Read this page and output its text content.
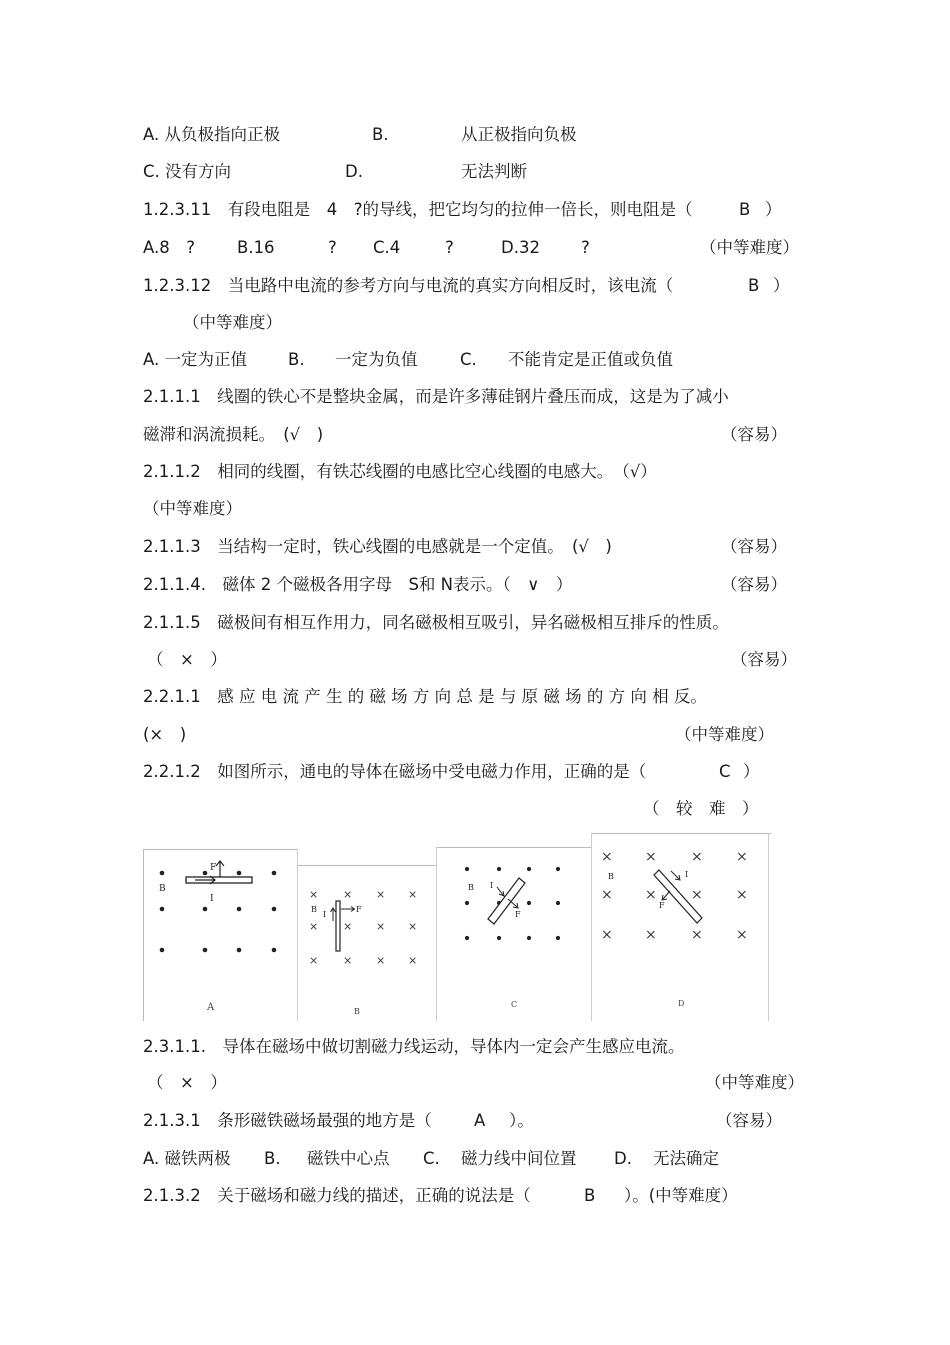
A. 从负极指向正极	B.	从正极指向负极
C. 没有方向	D.	无法判断
1.2.3.11　有段电阻是　4　?的导线，把它均匀的拉伸一倍长，则电阻是（	B ）
A.8　?	B.16	? C.4	?	D.32 ?	（中等难度）
1.2.3.12　当电路中电流的参考方向与电流的真实方向相反时，该电流（	B ）
（中等难度）
A. 一定为正值 B. 一定为负值	C. 不能肯定是正值或负值
2.1.1.1　线圈的铁心不是整块金属，而是许多薄硅钢片叠压而成，这是为了减小
磁滞和涡流损耗。　(√　)	（容易）
2.1.1.2　相同的线圈，有铁芯线圈的电感比空心线圈的电感大。　（√）
（中等难度）
2.1.1.3　当结构一定时，铁心线圈的电感就是一个定值。　(√　)	（容易）
2.1.1.4.　磁体 2 个磁极各用字母　S和 N表示。（　∨　）	（容易）
2.1.1.5　磁极间有相互作用力，同名磁极相互吸引，异名磁极相互排斥的性质。
（　×　）	（容易）
2.2.1.1　感 应 电 流 产 生 的 磁 场 方 向 总 是 与 原 磁 场 的 方 向 相 反。
(×　)	（中等难度）
2.2.1.2　如图所示，通电的导体在磁场中受电磁力作用，正确的是（	C ）
（　较　难　）
F
B
I
A
× × × ×
× × × ×
× × × ×
B
I
F
B
B I
F
C
× × × ×
× × × ×
× × × ×
B	I
F
D
2.3.1.1.　导体在磁场中做切割磁力线运动，导体内一定会产生感应电流。
（　×　）	（中等难度）
2.1.3.1　条形磁铁磁场最强的地方是（	A ）。	（容易）
A. 磁铁两极 B. 磁铁中心点 C. 磁力线中间位置 D. 无法确定
2.1.3.2　关于磁场和磁力线的描述，正确的说法是（	B ）。(中等难度）
